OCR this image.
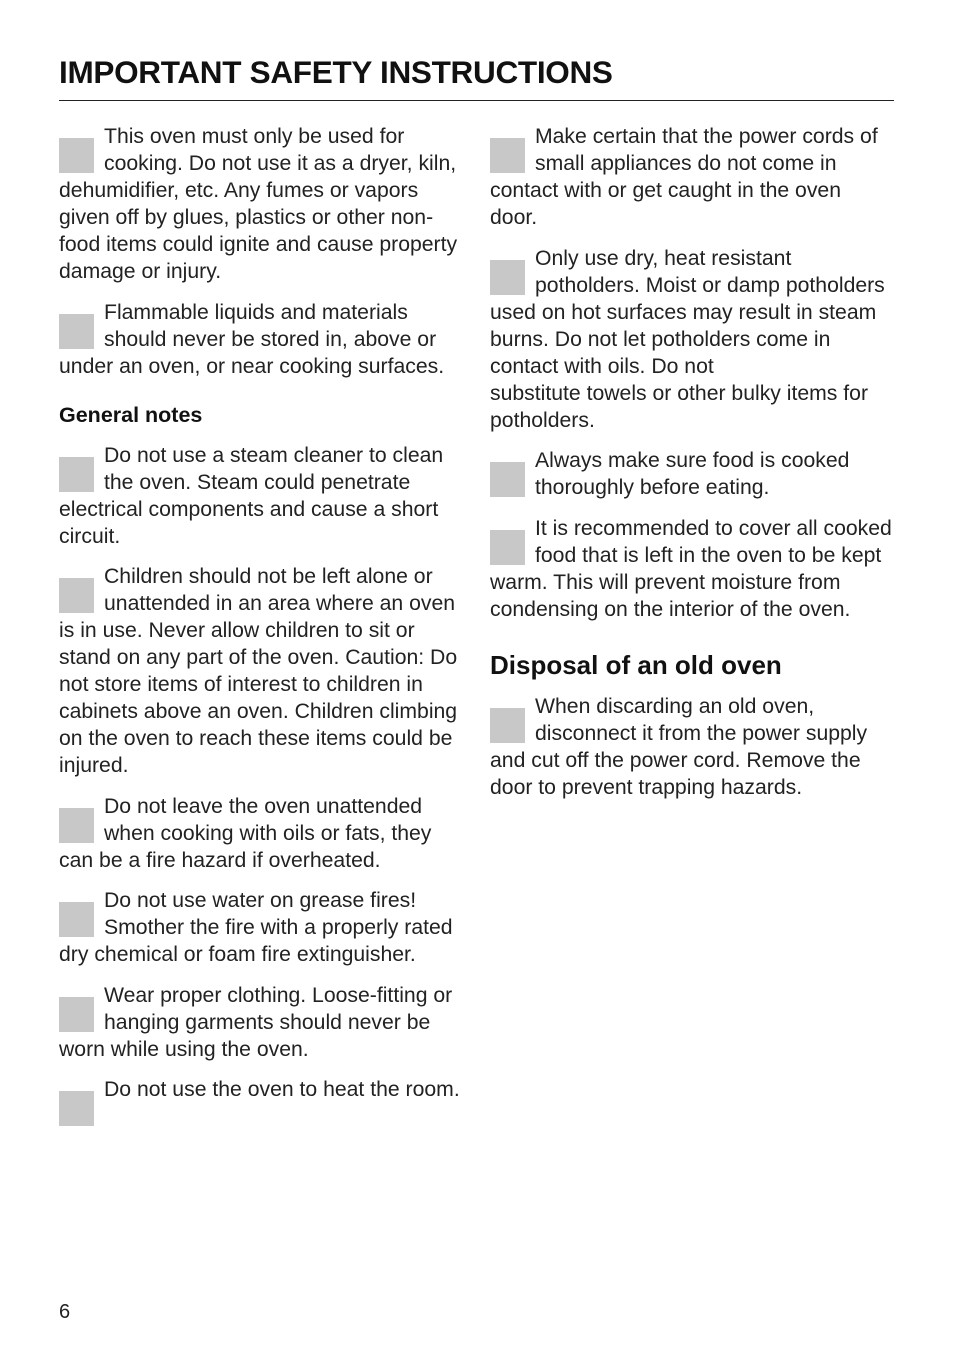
IMPORTANT SAFETY INSTRUCTIONS

This oven must only be used for cooking. Do not use it as a dryer, kiln, dehumidifier, etc. Any fumes or vapors given off by glues, plastics or other non-food items could ignite and cause property damage or injury.

Flammable liquids and materials should never be stored in, above or under an oven, or near cooking surfaces.

General notes

Do not use a steam cleaner to clean the oven. Steam could penetrate electrical components and cause a short circuit.

Children should not be left alone or unattended in an area where an oven is in use. Never allow children to sit or stand on any part of the oven. Caution: Do not store items of interest to children in cabinets above an oven. Children climbing on the oven to reach these items could be injured.

Do not leave the oven unattended when cooking with oils or fats, they can be a fire hazard if overheated.

Do not use water on grease fires! Smother the fire with a properly rated dry chemical or foam fire extinguisher.

Wear proper clothing. Loose-fitting or hanging garments should never be worn while using the oven.

Do not use the oven to heat the room.

Make certain that the power cords of small appliances do not come in contact with or get caught in the oven door.

Only use dry, heat resistant potholders. Moist or damp potholders used on hot surfaces may result in steam burns. Do not let potholders come in contact with oils. Do not
substitute towels or other bulky items for potholders.

Always make sure food is cooked thoroughly before eating.

It is recommended to cover all cooked food that is left in the oven to be kept warm. This will prevent moisture from condensing on the interior of the oven.

Disposal of an old oven

When discarding an old oven, disconnect it from the power supply and cut off the power cord. Remove the door to prevent trapping hazards.

6
